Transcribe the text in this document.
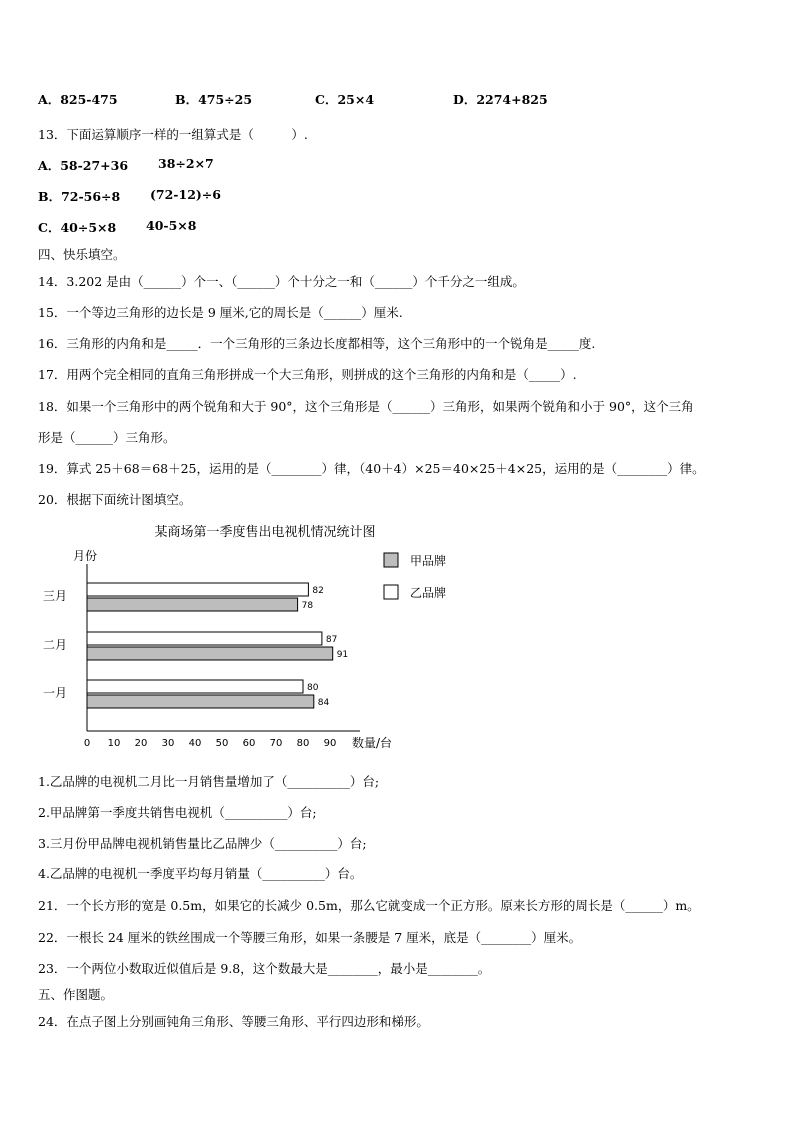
A．825-475	B．475÷25	C．25×4	D．2274+825
13．下面运算顺序一样的一组算式是（　　　）.
A．58-27+36 38÷2×7
B．72-56÷8 (72-12)÷6
C．40÷5×8 40-5×8
四、快乐填空。
14．3.202 是由（______）个一、（______）个十分之一和（______）个千分之一组成。
15．一个等边三角形的边长是 9 厘米,它的周长是（______）厘米.
16．三角形的内角和是_____．一个三角形的三条边长度都相等，这个三角形中的一个锐角是_____度.
17．用两个完全相同的直角三角形拼成一个大三角形，则拼成的这个三角形的内角和是（_____）.
18．如果一个三角形中的两个锐角和大于 90°，这个三角形是（______）三角形，如果两个锐角和小于 90°，这个三角
形是（______）三角形。
19．算式 25＋68＝68＋25，运用的是（________）律，（40＋4）×25＝40×25＋4×25，运用的是（________）律。
20．根据下面统计图填空。
某商场第一季度售出电视机情况统计图
月份
0 10 20 30 40 50 60 70 80 90
三月	82
78
二月	87
91
一月	80
84
数量/台
甲品牌
乙品牌
1.乙品牌的电视机二月比一月销售量增加了（__________）台;
2.甲品牌第一季度共销售电视机（__________）台;
3.三月份甲品牌电视机销售量比乙品牌少（__________）台;
4.乙品牌的电视机一季度平均每月销量（__________）台。
21．一个长方形的宽是 0.5m，如果它的长减少 0.5m，那么它就变成一个正方形。原来长方形的周长是（______）m。
22．一根长 24 厘米的铁丝围成一个等腰三角形，如果一条腰是 7 厘米，底是（________）厘米。
23．一个两位小数取近似值后是 9.8，这个数最大是________，最小是________。
五、作图题。
24．在点子图上分别画钝角三角形、等腰三角形、平行四边形和梯形。
